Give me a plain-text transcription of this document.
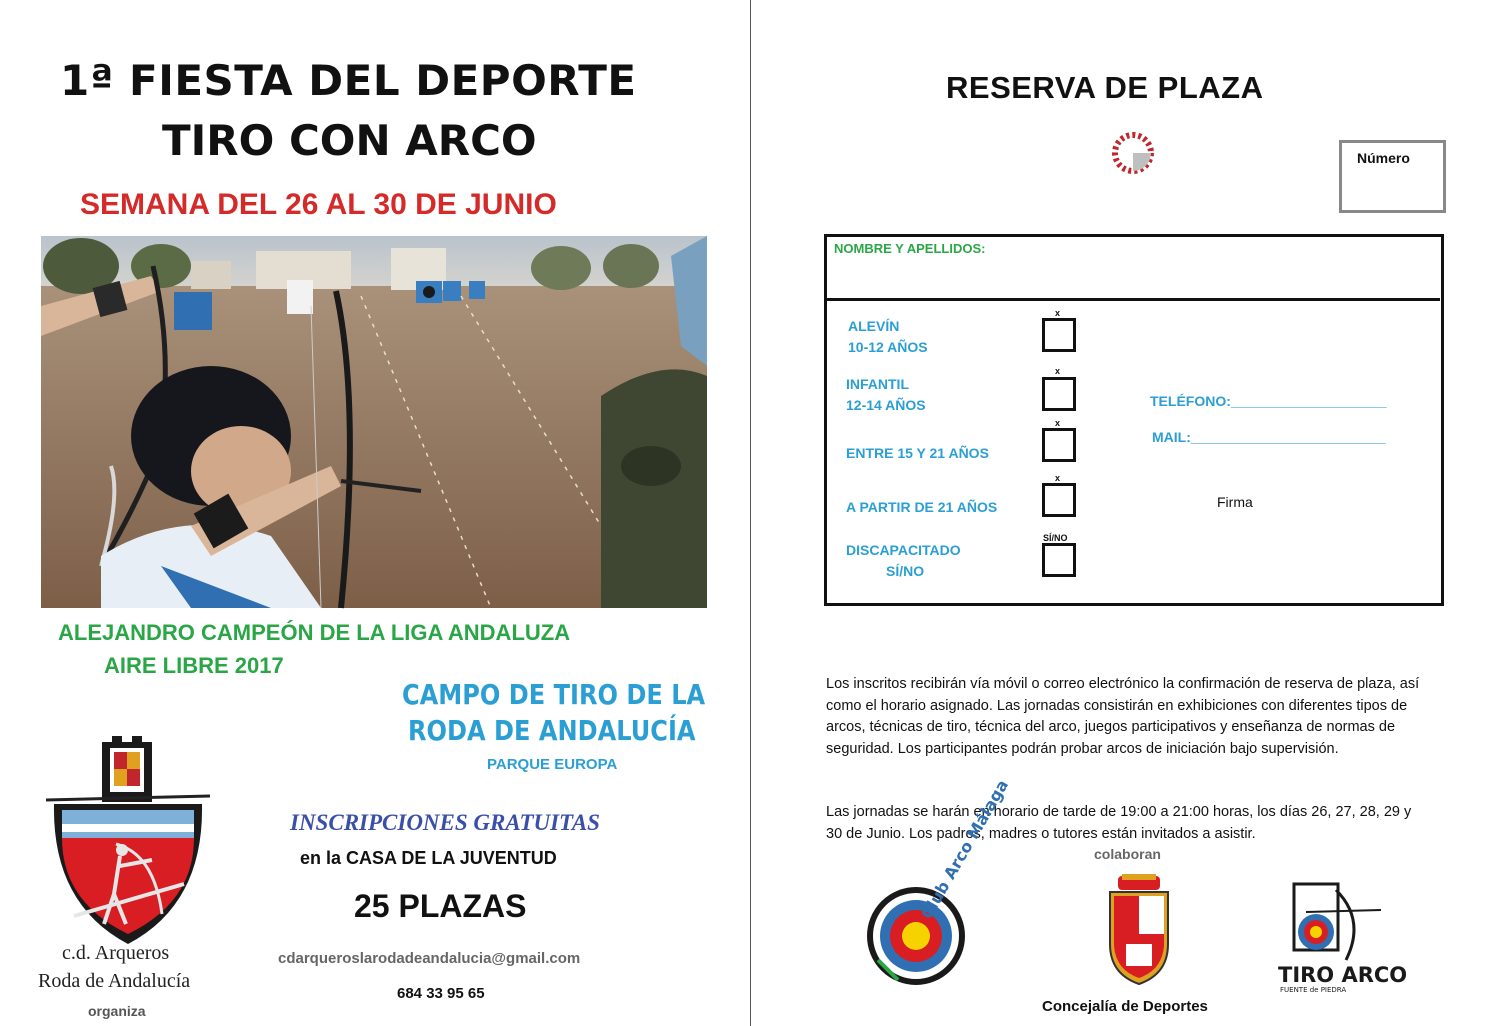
1ª FIESTA DEL DEPORTE
TIRO CON ARCO
SEMANA DEL 26 AL 30 DE JUNIO
ALEJANDRO CAMPEÓN DE LA LIGA ANDALUZA
AIRE LIBRE 2017
CAMPO DE TIRO DE LA
RODA DE ANDALUCÍA
PARQUE EUROPA
c.d. Arqueros
Roda de Andalucía
organiza
INSCRIPCIONES GRATUITAS
en la CASA DE LA JUVENTUD
25 PLAZAS
cdarqueroslarodadeandalucia@gmail.com
684 33 95 65
RESERVA DE PLAZA
Número
NOMBRE Y APELLIDOS:
ALEVÍN
10-12 AÑOS
x
INFANTIL
12-14 AÑOS
x
ENTRE 15 Y 21 AÑOS
x
A PARTIR DE 21 AÑOS
x
DISCAPACITADO
SÍ/NO
SÍ/NO
TELÉFONO:____________________
MAIL:_________________________
Firma
Los inscritos recibirán vía móvil o correo electrónico la confirmación de reserva de plaza, así como el horario asignado. Las jornadas consistirán en exhibiciones con diferentes tipos de arcos, técnicas de tiro, técnica del arco, juegos participativos y enseñanza de normas de seguridad. Los participantes podrán probar arcos de iniciación bajo supervisión.
Las jornadas se harán en horario de tarde de 19:00 a 21:00 horas, los días 26, 27, 28, 29 y 30 de Junio. Los padres, madres o tutores están invitados a asistir.
colaboran
Club Arco Málaga
TIRO ARCO
FUENTE de PIEDRA
Concejalía de Deportes
